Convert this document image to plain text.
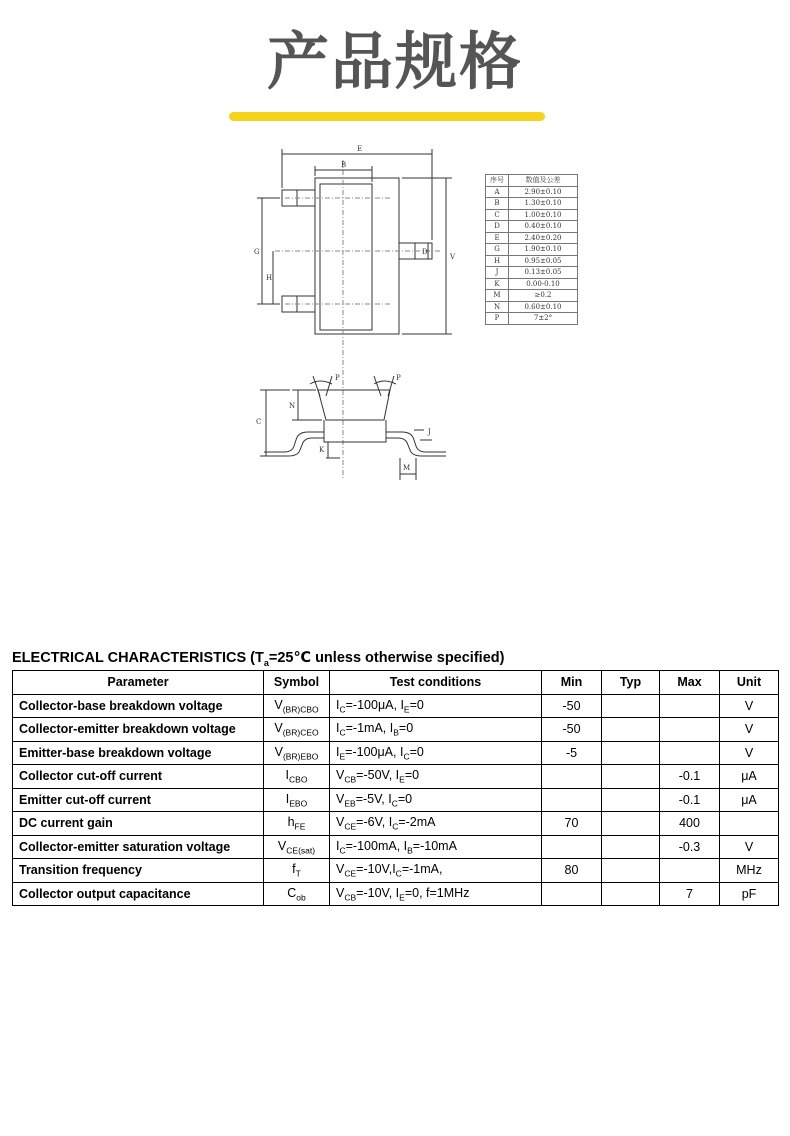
产品规格
E
B
G
H
D
V
P	P
N
C
K
J
M
序号	数值及公差
A	2.90±0.10
B	1.30±0.10
C	1.00±0.10
D	0.40±0.10
E	2.40±0.20
G	1.90±0.10
H	0.95±0.05
J	0.13±0.05
K	0.00-0.10
M	≥0.2
N	0.60±0.10
P	7±2°
ELECTRICAL CHARACTERISTICS ($T_a=25℃$ unless otherwise specified)
Parameter	Symbol	Test conditions	Min	Typ	Max	Unit
Collector-base breakdown voltage	$V_{(BR)CBO}$	$I_C=-100\mu A$, $I_E=0$	-50			V
Collector-emitter breakdown voltage	$V_{(BR)CEO}$	$I_C=-1mA$, $I_B=0$	-50			V
Emitter-base breakdown voltage	$V_{(BR)EBO}$	$I_E=-100\mu A$, $I_C=0$	-5			V
Collector cut-off current	$I_{CBO}$	$V_{CB}=-50V$, $I_E=0$			-0.1	μA
Emitter cut-off current	$I_{EBO}$	$V_{EB}=-5V$, $I_C=0$			-0.1	μA
DC current gain	$h_{FE}$	$V_{CE}=-6V$, $I_C=-2mA$	70		400	
Collector-emitter saturation voltage	$V_{CE(sat)}$	$I_C=-100mA$, $I_B=-10mA$			-0.3	V
Transition frequency	$f_T$	$V_{CE}=-10V,I_C=-1mA$,	80			MHz
Collector output capacitance	$C_{ob}$	$V_{CB}=-10V$, $I_E=0$, f=1MHz			7	pF
